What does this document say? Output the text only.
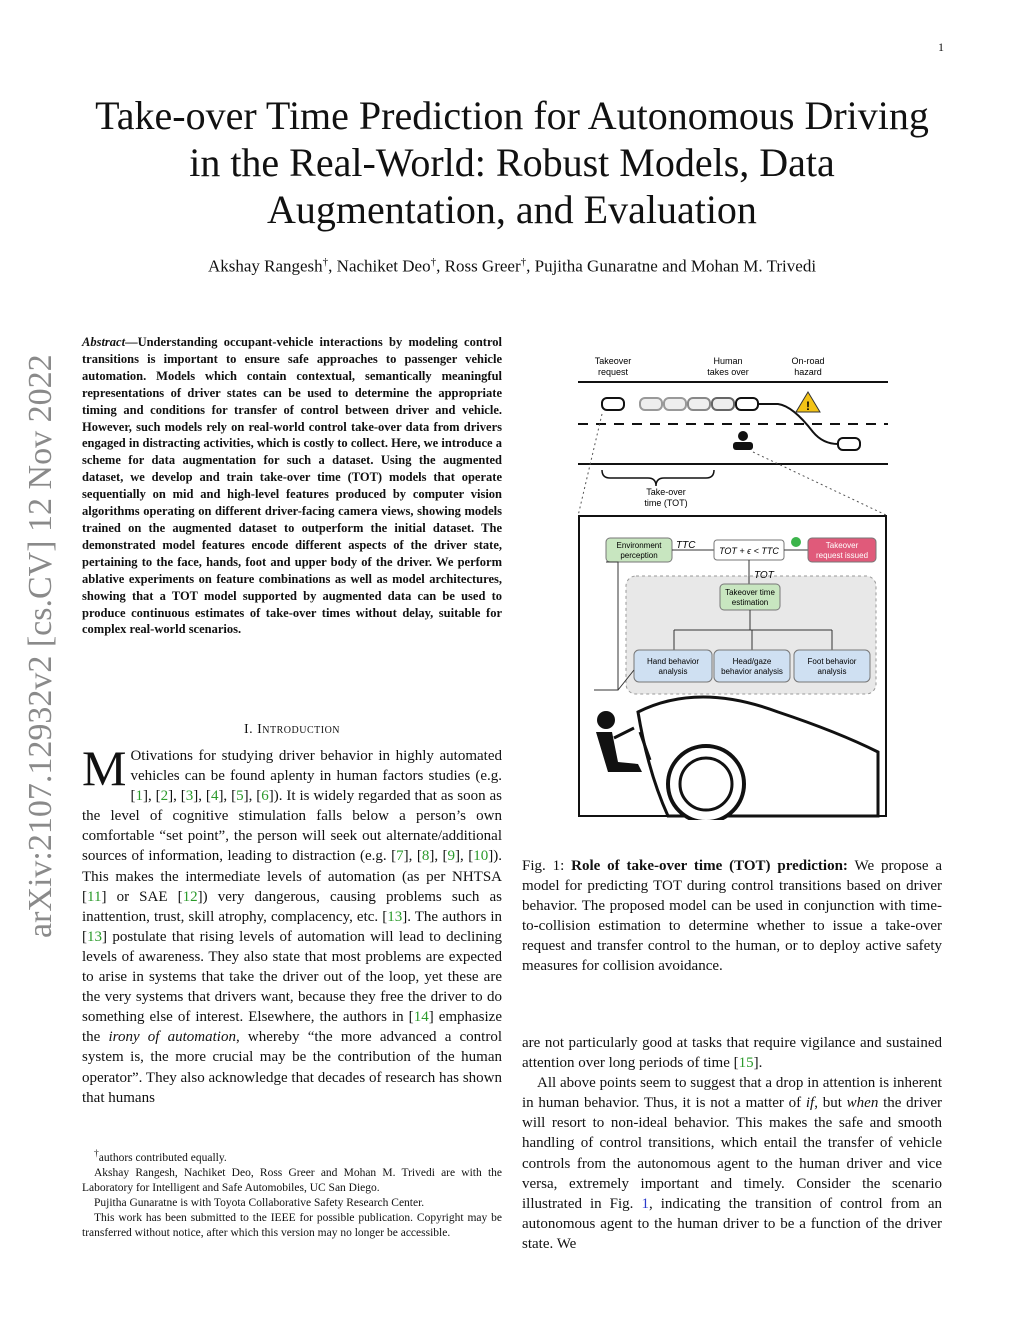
1
Take-over Time Prediction for Autonomous Driving
in the Real-World: Robust Models, Data
Augmentation, and Evaluation
Akshay Rangesh†, Nachiket Deo†, Ross Greer†, Pujitha Gunaratne and Mohan M. Trivedi
arXiv:2107.12932v2 [cs.CV] 12 Nov 2022
Abstract—Understanding occupant-vehicle interactions by modeling control transitions is important to ensure safe approaches to passenger vehicle automation. Models which contain contextual, semantically meaningful representations of driver states can be used to determine the appropriate timing and conditions for transfer of control between driver and vehicle. However, such models rely on real-world control take-over data from drivers engaged in distracting activities, which is costly to collect. Here, we introduce a scheme for data augmentation for such a dataset. Using the augmented dataset, we develop and train take-over time (TOT) models that operate sequentially on mid and high-level features produced by computer vision algorithms operating on different driver-facing camera views, showing models trained on the augmented dataset to outperform the initial dataset. The demonstrated model features encode different aspects of the driver state, pertaining to the face, hands, foot and upper body of the driver. We perform ablative experiments on feature combinations as well as model architectures, showing that a TOT model supported by augmented data can be used to produce continuous estimates of take-over times without delay, suitable for complex real-world scenarios.
I. Introduction
M Otivations for studying driver behavior in highly automated vehicles can be found aplenty in human factors studies (e.g. [1], [2], [3], [4], [5], [6]). It is widely regarded that as soon as the level of cognitive stimulation falls below a person’s own comfortable “set point”, the person will seek out alternate/additional sources of information, leading to distraction (e.g. [7], [8], [9], [10]). This makes the intermediate levels of automation (as per NHTSA [11] or SAE [12]) very dangerous, causing problems such as inattention, trust, skill atrophy, complacency, etc. [13]. The authors in [13] postulate that rising levels of automation will lead to declining levels of awareness. They also state that most problems are expected to arise in systems that take the driver out of the loop, yet these are the very systems that drivers want, because they free the driver to do something else of interest. Elsewhere, the authors in [14] emphasize the irony of automation, whereby “the more advanced a control system is, the more crucial may be the contribution of the human operator”. They also acknowledge that decades of research has shown that humans

†authors contributed equally.

Akshay Rangesh, Nachiket Deo, Ross Greer and Mohan M. Trivedi are with the Laboratory for Intelligent and Safe Automobiles, UC San Diego.

Pujitha Gunaratne is with Toyota Collaborative Safety Research Center.

This work has been submitted to the IEEE for possible publication. Copyright may be transferred without notice, after which this version may no longer be accessible.

Takeover
request
Human
takes over
On-road
hazard
!
Take-over
time (TOT)
Environment
perception
TTC	TOT + ϵ < TTC
Takeover
request issued
TOT
Takeover time
estimation
Hand behavior
analysis
Head/gaze
behavior analysis
Foot behavior
analysis
Fig. 1: Role of take-over time (TOT) prediction: We propose a model for predicting TOT during control transitions based on driver behavior. The proposed model can be used in conjunction with time-to-collision estimation to determine whether to issue a take-over request and transfer control to the human, or to deploy active safety measures for collision avoidance.

are not particularly good at tasks that require vigilance and sustained attention over long periods of time [15].

All above points seem to suggest that a drop in attention is inherent in human behavior. Thus, it is not a matter of if, but when the driver will resort to non-ideal behavior. This makes the safe and smooth handling of control transitions, which entail the transfer of vehicle controls from the autonomous agent to the human driver and vice versa, extremely important and timely. Consider the scenario illustrated in Fig. 1, indicating the transition of control from an autonomous agent to the human driver to be a function of the driver state. We
